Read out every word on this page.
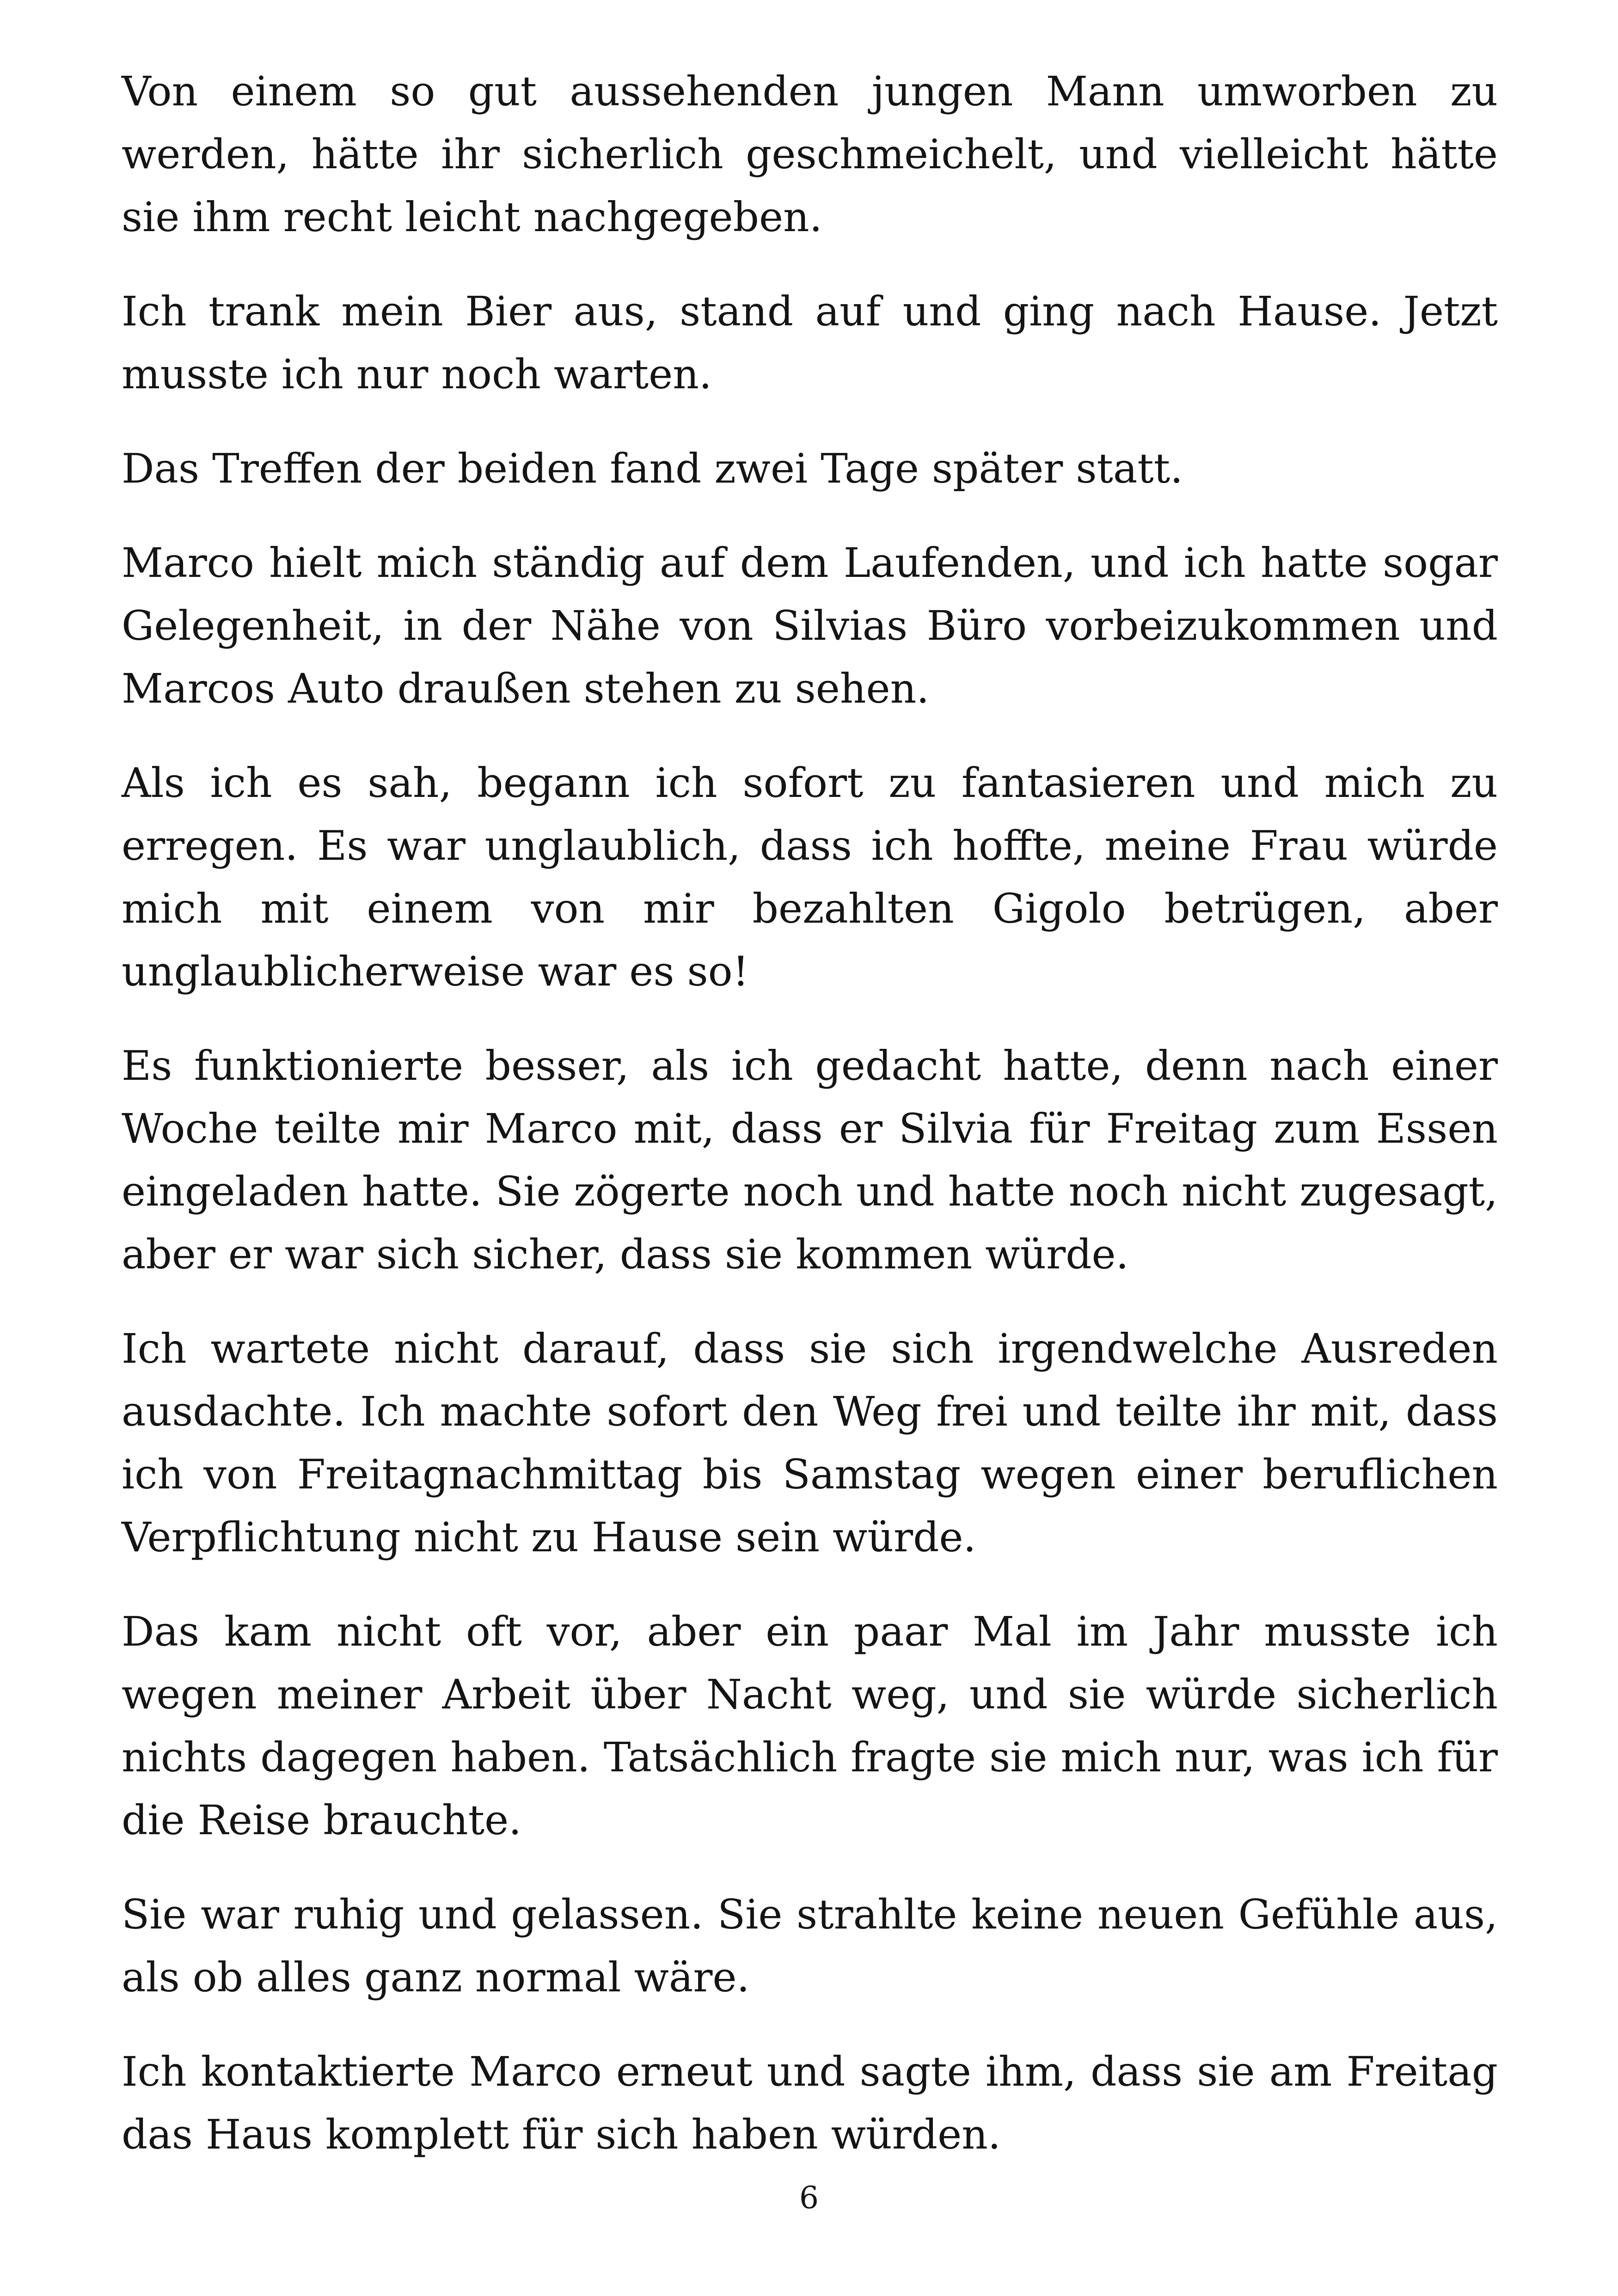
Von einem so gut aussehenden jungen Mann umworben zu werden, hätte ihr sicherlich geschmeichelt, und vielleicht hätte sie ihm recht leicht nachgegeben.

Ich trank mein Bier aus, stand auf und ging nach Hause. Jetzt musste ich nur noch warten.

Das Treffen der beiden fand zwei Tage später statt.

Marco hielt mich ständig auf dem Laufenden, und ich hatte sogar Gelegenheit, in der Nähe von Silvias Büro vorbeizukommen und Marcos Auto draußen stehen zu sehen.

Als ich es sah, begann ich sofort zu fantasieren und mich zu erregen. Es war unglaublich, dass ich hoffte, meine Frau würde mich mit einem von mir bezahlten Gigolo betrügen, aber unglaublicherweise war es so!

Es funktionierte besser, als ich gedacht hatte, denn nach einer Woche teilte mir Marco mit, dass er Silvia für Freitag zum Essen eingeladen hatte. Sie zögerte noch und hatte noch nicht zugesagt, aber er war sich sicher, dass sie kommen würde.

Ich wartete nicht darauf, dass sie sich irgendwelche Ausreden ausdachte. Ich machte sofort den Weg frei und teilte ihr mit, dass ich von Freitagnachmittag bis Samstag wegen einer beruflichen Verpflichtung nicht zu Hause sein würde.

Das kam nicht oft vor, aber ein paar Mal im Jahr musste ich wegen meiner Arbeit über Nacht weg, und sie würde sicherlich nichts dagegen haben. Tatsächlich fragte sie mich nur, was ich für die Reise brauchte.

Sie war ruhig und gelassen. Sie strahlte keine neuen Gefühle aus, als ob alles ganz normal wäre.

Ich kontaktierte Marco erneut und sagte ihm, dass sie am Freitag das Haus komplett für sich haben würden.

6
